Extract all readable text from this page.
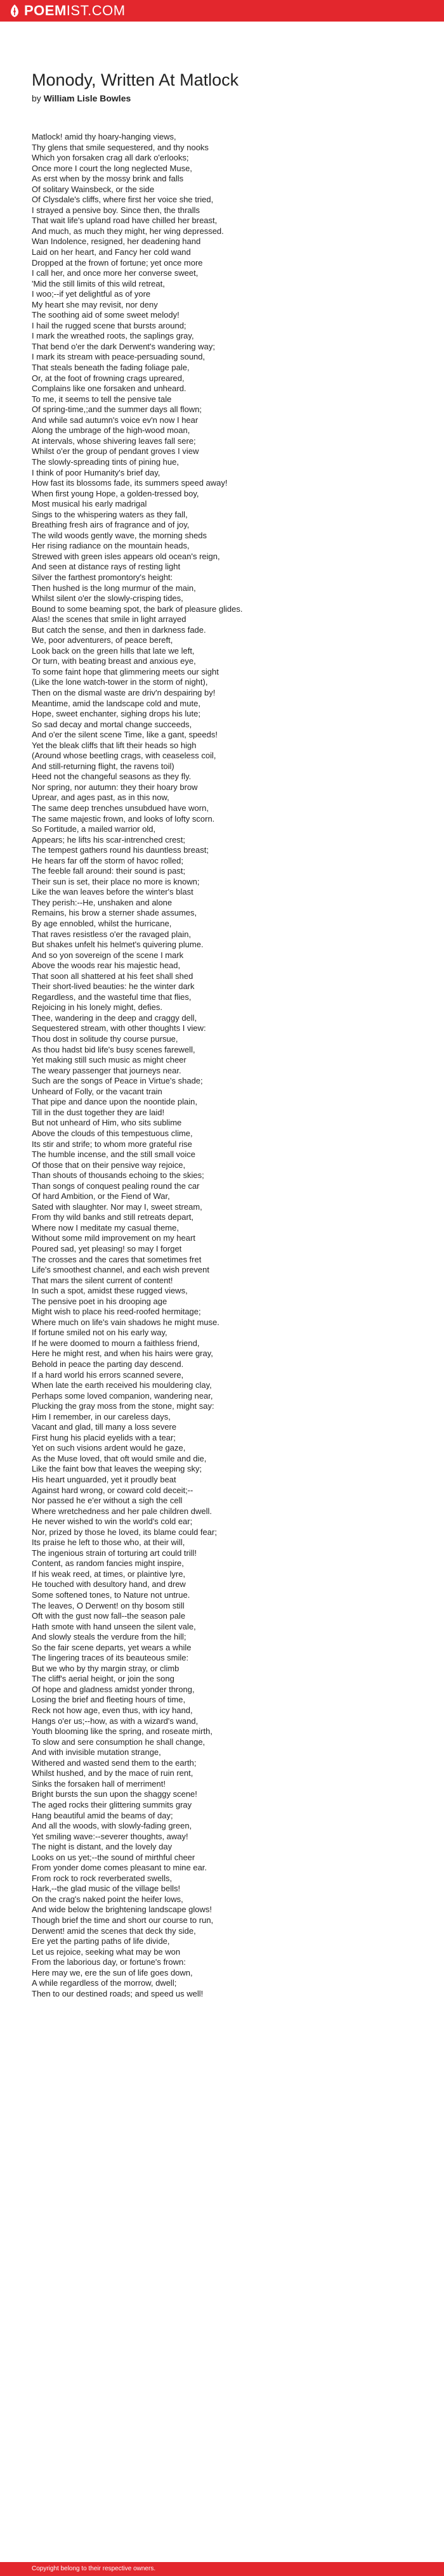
POEMIST.COM
Monody, Written At Matlock
by William Lisle Bowles
Matlock! amid thy hoary-hanging views,
Thy glens that smile sequestered, and thy nooks
Which yon forsaken crag all dark o'erlooks;
Once more I court the long neglected Muse,
As erst when by the mossy brink and falls
Of solitary Wainsbeck, or the side
Of Clysdale's cliffs, where first her voice she tried,
I strayed a pensive boy. Since then, the thralls
That wait life's upland road have chilled her breast,
And much, as much they might, her wing depressed.
Wan Indolence, resigned, her deadening hand
Laid on her heart, and Fancy her cold wand
Dropped at the frown of fortune; yet once more
I call her, and once more her converse sweet,
'Mid the still limits of this wild retreat,
I woo;--if yet delightful as of yore
My heart she may revisit, nor deny
The soothing aid of some sweet melody!
I hail the rugged scene that bursts around;
I mark the wreathed roots, the saplings gray,
That bend o'er the dark Derwent's wandering way;
I mark its stream with peace-persuading sound,
That steals beneath the fading foliage pale,
Or, at the foot of frowning crags upreared,
Complains like one forsaken and unheard.
To me, it seems to tell the pensive tale
Of spring-time,;and the summer days all flown;
And while sad autumn's voice ev'n now I hear
Along the umbrage of the high-wood moan,
At intervals, whose shivering leaves fall sere;
Whilst o'er the group of pendant groves I view
The slowly-spreading tints of pining hue,
I think of poor Humanity's brief day,
How fast its blossoms fade, its summers speed away!
When first young Hope, a golden-tressed boy,
Most musical his early madrigal
Sings to the whispering waters as they fall,
Breathing fresh airs of fragrance and of joy,
The wild woods gently wave, the morning sheds
Her rising radiance on the mountain heads,
Strewed with green isles appears old ocean's reign,
And seen at distance rays of resting light
Silver the farthest promontory's height:
Then hushed is the long murmur of the main,
Whilst silent o'er the slowly-crisping tides,
Bound to some beaming spot, the bark of pleasure glides.
Alas! the scenes that smile in light arrayed
But catch the sense, and then in darkness fade.
We, poor adventurers, of peace bereft,
Look back on the green hills that late we left,
Or turn, with beating breast and anxious eye,
To some faint hope that glimmering meets our sight
(Like the lone watch-tower in the storm of night),
Then on the dismal waste are driv'n despairing by!
Meantime, amid the landscape cold and mute,
Hope, sweet enchanter, sighing drops his lute;
So sad decay and mortal change succeeds,
And o'er the silent scene Time, like a gant, speeds!
Yet the bleak cliffs that lift their heads so high
(Around whose beetling crags, with ceaseless coil,
And still-returning flight, the ravens toil)
Heed not the changeful seasons as they fly.
Nor spring, nor autumn: they their hoary brow
Uprear, and ages past, as in this now,
The same deep trenches unsubdued have worn,
The same majestic frown, and looks of lofty scorn.
So Fortitude, a mailed warrior old,
Appears; he lifts his scar-intrenched crest;
The tempest gathers round his dauntless breast;
He hears far off the storm of havoc rolled;
The feeble fall around: their sound is past;
Their sun is set, their place no more is known;
Like the wan leaves before the winter's blast
They perish:--He, unshaken and alone
Remains, his brow a sterner shade assumes,
By age ennobled, whilst the hurricane,
That raves resistless o'er the ravaged plain,
But shakes unfelt his helmet's quivering plume.
And so yon sovereign of the scene I mark
Above the woods rear his majestic head,
That soon all shattered at his feet shall shed
Their short-lived beauties: he the winter dark
Regardless, and the wasteful time that flies,
Rejoicing in his lonely might, defies.
Thee, wandering in the deep and craggy dell,
Sequestered stream, with other thoughts I view:
Thou dost in solitude thy course pursue,
As thou hadst bid life's busy scenes farewell,
Yet making still such music as might cheer
The weary passenger that journeys near.
Such are the songs of Peace in Virtue's shade;
Unheard of Folly, or the vacant train
That pipe and dance upon the noontide plain,
Till in the dust together they are laid!
But not unheard of Him, who sits sublime
Above the clouds of this tempestuous clime,
Its stir and strife; to whom more grateful rise
The humble incense, and the still small voice
Of those that on their pensive way rejoice,
Than shouts of thousands echoing to the skies;
Than songs of conquest pealing round the car
Of hard Ambition, or the Fiend of War,
Sated with slaughter. Nor may I, sweet stream,
From thy wild banks and still retreats depart,
Where now I meditate my casual theme,
Without some mild improvement on my heart
Poured sad, yet pleasing! so may I forget
The crosses and the cares that sometimes fret
Life's smoothest channel, and each wish prevent
That mars the silent current of content!
In such a spot, amidst these rugged views,
The pensive poet in his drooping age
Might wish to place his reed-roofed hermitage;
Where much on life's vain shadows he might muse.
If fortune smiled not on his early way,
If he were doomed to mourn a faithless friend,
Here he might rest, and when his hairs were gray,
Behold in peace the parting day descend.
If a hard world his errors scanned severe,
When late the earth received his mouldering clay,
Perhaps some loved companion, wandering near,
Plucking the gray moss from the stone, might say:
Him I remember, in our careless days,
Vacant and glad, till many a loss severe
First hung his placid eyelids with a tear;
Yet on such visions ardent would he gaze,
As the Muse loved, that oft would smile and die,
Like the faint bow that leaves the weeping sky;
His heart unguarded, yet it proudly beat
Against hard wrong, or coward cold deceit;--
Nor passed he e'er without a sigh the cell
Where wretchedness and her pale children dwell.
He never wished to win the world's cold ear;
Nor, prized by those he loved, its blame could fear;
Its praise he left to those who, at their will,
The ingenious strain of torturing art could trill!
Content, as random fancies might inspire,
If his weak reed, at times, or plaintive lyre,
He touched with desultory hand, and drew
Some softened tones, to Nature not untrue.
The leaves, O Derwent! on thy bosom still
Oft with the gust now fall--the season pale
Hath smote with hand unseen the silent vale,
And slowly steals the verdure from the hill;
So the fair scene departs, yet wears a while
The lingering traces of its beauteous smile:
But we who by thy margin stray, or climb
The cliff's aerial height, or join the song
Of hope and gladness amidst yonder throng,
Losing the brief and fleeting hours of time,
Reck not how age, even thus, with icy hand,
Hangs o'er us;--how, as with a wizard's wand,
Youth blooming like the spring, and roseate mirth,
To slow and sere consumption he shall change,
And with invisible mutation strange,
Withered and wasted send them to the earth;
Whilst hushed, and by the mace of ruin rent,
Sinks the forsaken hall of merriment!
Bright bursts the sun upon the shaggy scene!
The aged rocks their glittering summits gray
Hang beautiful amid the beams of day;
And all the woods, with slowly-fading green,
Yet smiling wave:--severer thoughts, away!
The night is distant, and the lovely day
Looks on us yet;--the sound of mirthful cheer
From yonder dome comes pleasant to mine ear.
From rock to rock reverberated swells,
Hark,--the glad music of the village bells!
On the crag's naked point the heifer lows,
And wide below the brightening landscape glows!
Though brief the time and short our course to run,
Derwent! amid the scenes that deck thy side,
Ere yet the parting paths of life divide,
Let us rejoice, seeking what may be won
From the laborious day, or fortune's frown:
Here may we, ere the sun of life goes down,
A while regardless of the morrow, dwell;
Then to our destined roads; and speed us well!
Copyright belong to their respective owners.
